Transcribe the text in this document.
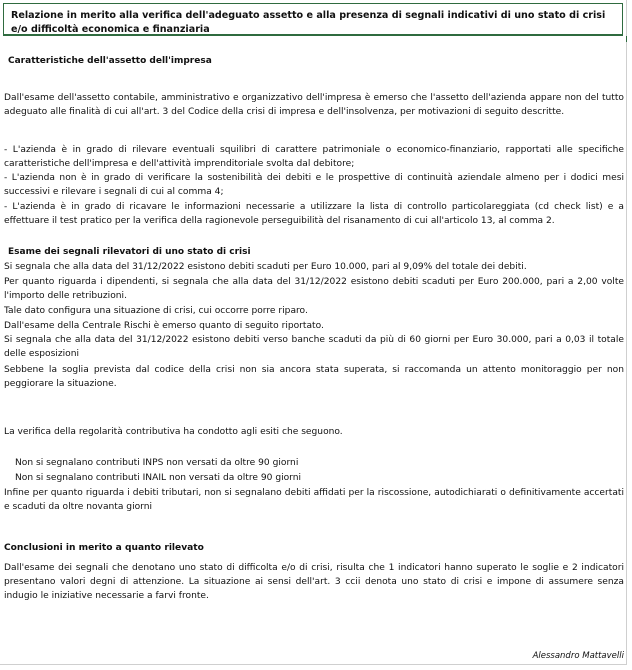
Relazione in merito alla verifica dell'adeguato assetto e alla presenza di segnali indicativi di uno stato di crisi e/o difficoltà economica e finanziaria
Caratteristiche dell'assetto dell'impresa
Dall'esame dell'assetto contabile, amministrativo e organizzativo dell'impresa è emerso che l'assetto dell'azienda appare non del tutto adeguato alle finalità di cui all'art. 3 del Codice della crisi di impresa e dell'insolvenza, per motivazioni di seguito descritte.
- L'azienda è in grado di rilevare eventuali squilibri di carattere patrimoniale o economico-finanziario, rapportati alle specifiche caratteristiche dell'impresa e dell'attività imprenditoriale svolta dal debitore;
- L'azienda non è in grado di verificare la sostenibilità dei debiti e le prospettive di continuità aziendale almeno per i dodici mesi successivi e rilevare i segnali di cui al comma 4;
- L'azienda è in grado di ricavare le informazioni necessarie a utilizzare la lista di controllo particolareggiata (cd check list) e a effettuare il test pratico per la verifica della ragionevole perseguibilità del risanamento di cui all'articolo 13, al comma 2.
Esame dei segnali rilevatori di uno stato di crisi
Si segnala che alla data del 31/12/2022 esistono debiti scaduti per Euro 10.000, pari al 9,09% del totale dei debiti.
Per quanto riguarda i dipendenti, si segnala che alla data del 31/12/2022 esistono debiti scaduti per Euro 200.000, pari a 2,00 volte l'importo delle retribuzioni.
Tale dato configura una situazione di crisi, cui occorre porre riparo.
Dall'esame della Centrale Rischi è emerso quanto di seguito riportato.
Si segnala che alla data del 31/12/2022 esistono debiti verso banche scaduti da più di 60 giorni per Euro 30.000, pari a 0,03 il totale delle esposizioni
Sebbene la soglia prevista dal codice della crisi non sia ancora stata superata, si raccomanda un attento monitoraggio per non peggiorare la situazione.
La verifica della regolarità contributiva ha condotto agli esiti che seguono.
Non si segnalano contributi INPS non versati da oltre 90 giorni
Non si segnalano contributi INAIL non versati da oltre 90 giorni
Infine per quanto riguarda i debiti tributari, non si segnalano debiti affidati per la riscossione, autodichiarati o definitivamente accertati e scaduti da oltre novanta giorni
Conclusioni in merito a quanto rilevato
Dall'esame dei segnali che denotano uno stato di difficolta e/o di crisi, risulta che 1 indicatori hanno superato le soglie e 2 indicatori presentano valori degni di attenzione. La situazione ai sensi dell'art. 3 ccii denota uno stato di crisi e impone di assumere senza indugio le iniziative necessarie a farvi fronte.
Alessandro Mattavelli
